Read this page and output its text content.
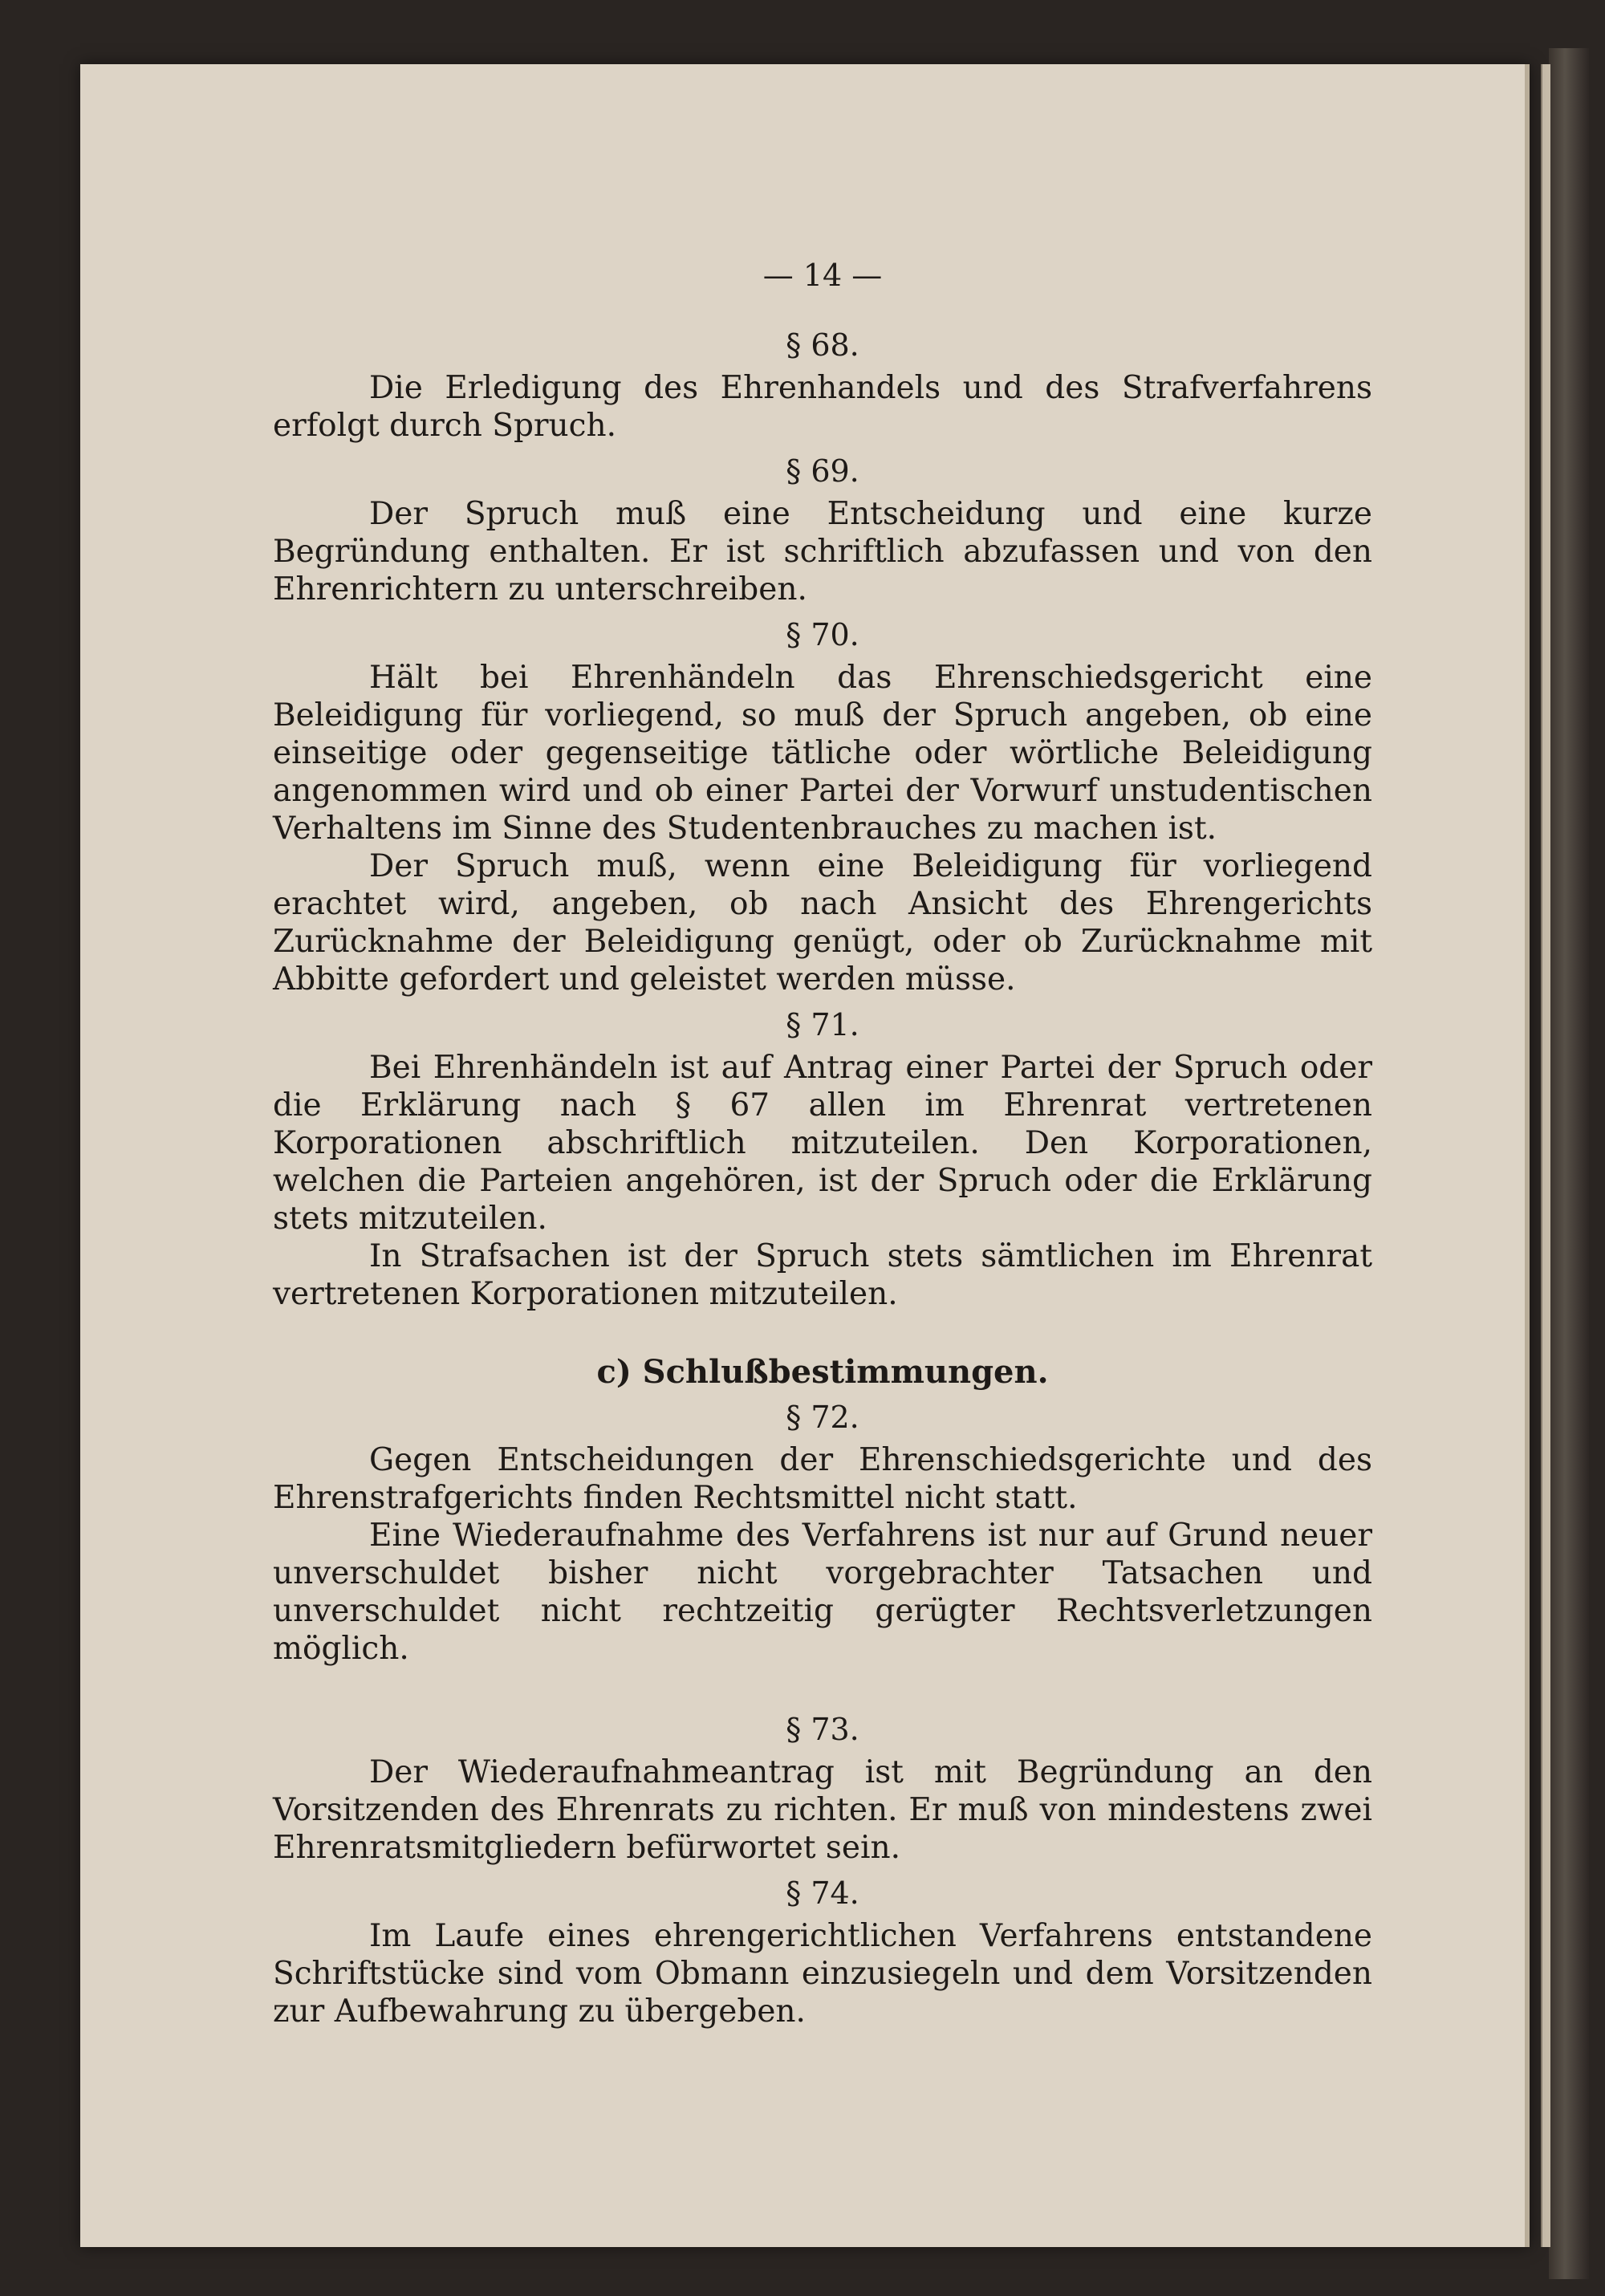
— 14 —
§ 68.

Die Erledigung des Ehrenhandels und des Strafverfahrens erfolgt durch Spruch.

§ 69.

Der Spruch muß eine Entscheidung und eine kurze Begründung enthalten. Er ist schriftlich abzufassen und von den Ehrenrichtern zu unterschreiben.

§ 70.

Hält bei Ehrenhändeln das Ehrenschiedsgericht eine Beleidigung für vorliegend, so muß der Spruch angeben, ob eine einseitige oder gegenseitige tätliche oder wörtliche Beleidigung angenommen wird und ob einer Partei der Vorwurf unstudentischen Verhaltens im Sinne des Studentenbrauches zu machen ist.

Der Spruch muß, wenn eine Beleidigung für vorliegend erachtet wird, angeben, ob nach Ansicht des Ehrengerichts Zurücknahme der Beleidigung genügt, oder ob Zurücknahme mit Abbitte gefordert und geleistet werden müsse.

§ 71.

Bei Ehrenhändeln ist auf Antrag einer Partei der Spruch oder die Erklärung nach § 67 allen im Ehrenrat vertretenen Korporationen abschriftlich mitzuteilen. Den Korporationen, welchen die Parteien angehören, ist der Spruch oder die Erklärung stets mitzuteilen.

In Strafsachen ist der Spruch stets sämtlichen im Ehrenrat vertretenen Korporationen mitzuteilen.

c) Schlußbestimmungen.
§ 72.

Gegen Entscheidungen der Ehrenschiedsgerichte und des Ehrenstrafgerichts finden Rechtsmittel nicht statt.

Eine Wiederaufnahme des Verfahrens ist nur auf Grund neuer unverschuldet bisher nicht vorgebrachter Tatsachen und unverschuldet nicht rechtzeitig gerügter Rechtsverletzungen möglich.

§ 73.

Der Wiederaufnahmeantrag ist mit Begründung an den Vorsitzenden des Ehrenrats zu richten. Er muß von mindestens zwei Ehrenratsmitgliedern befürwortet sein.

§ 74.

Im Laufe eines ehrengerichtlichen Verfahrens entstandene Schriftstücke sind vom Obmann einzusiegeln und dem Vorsitzenden zur Aufbewahrung zu übergeben.
